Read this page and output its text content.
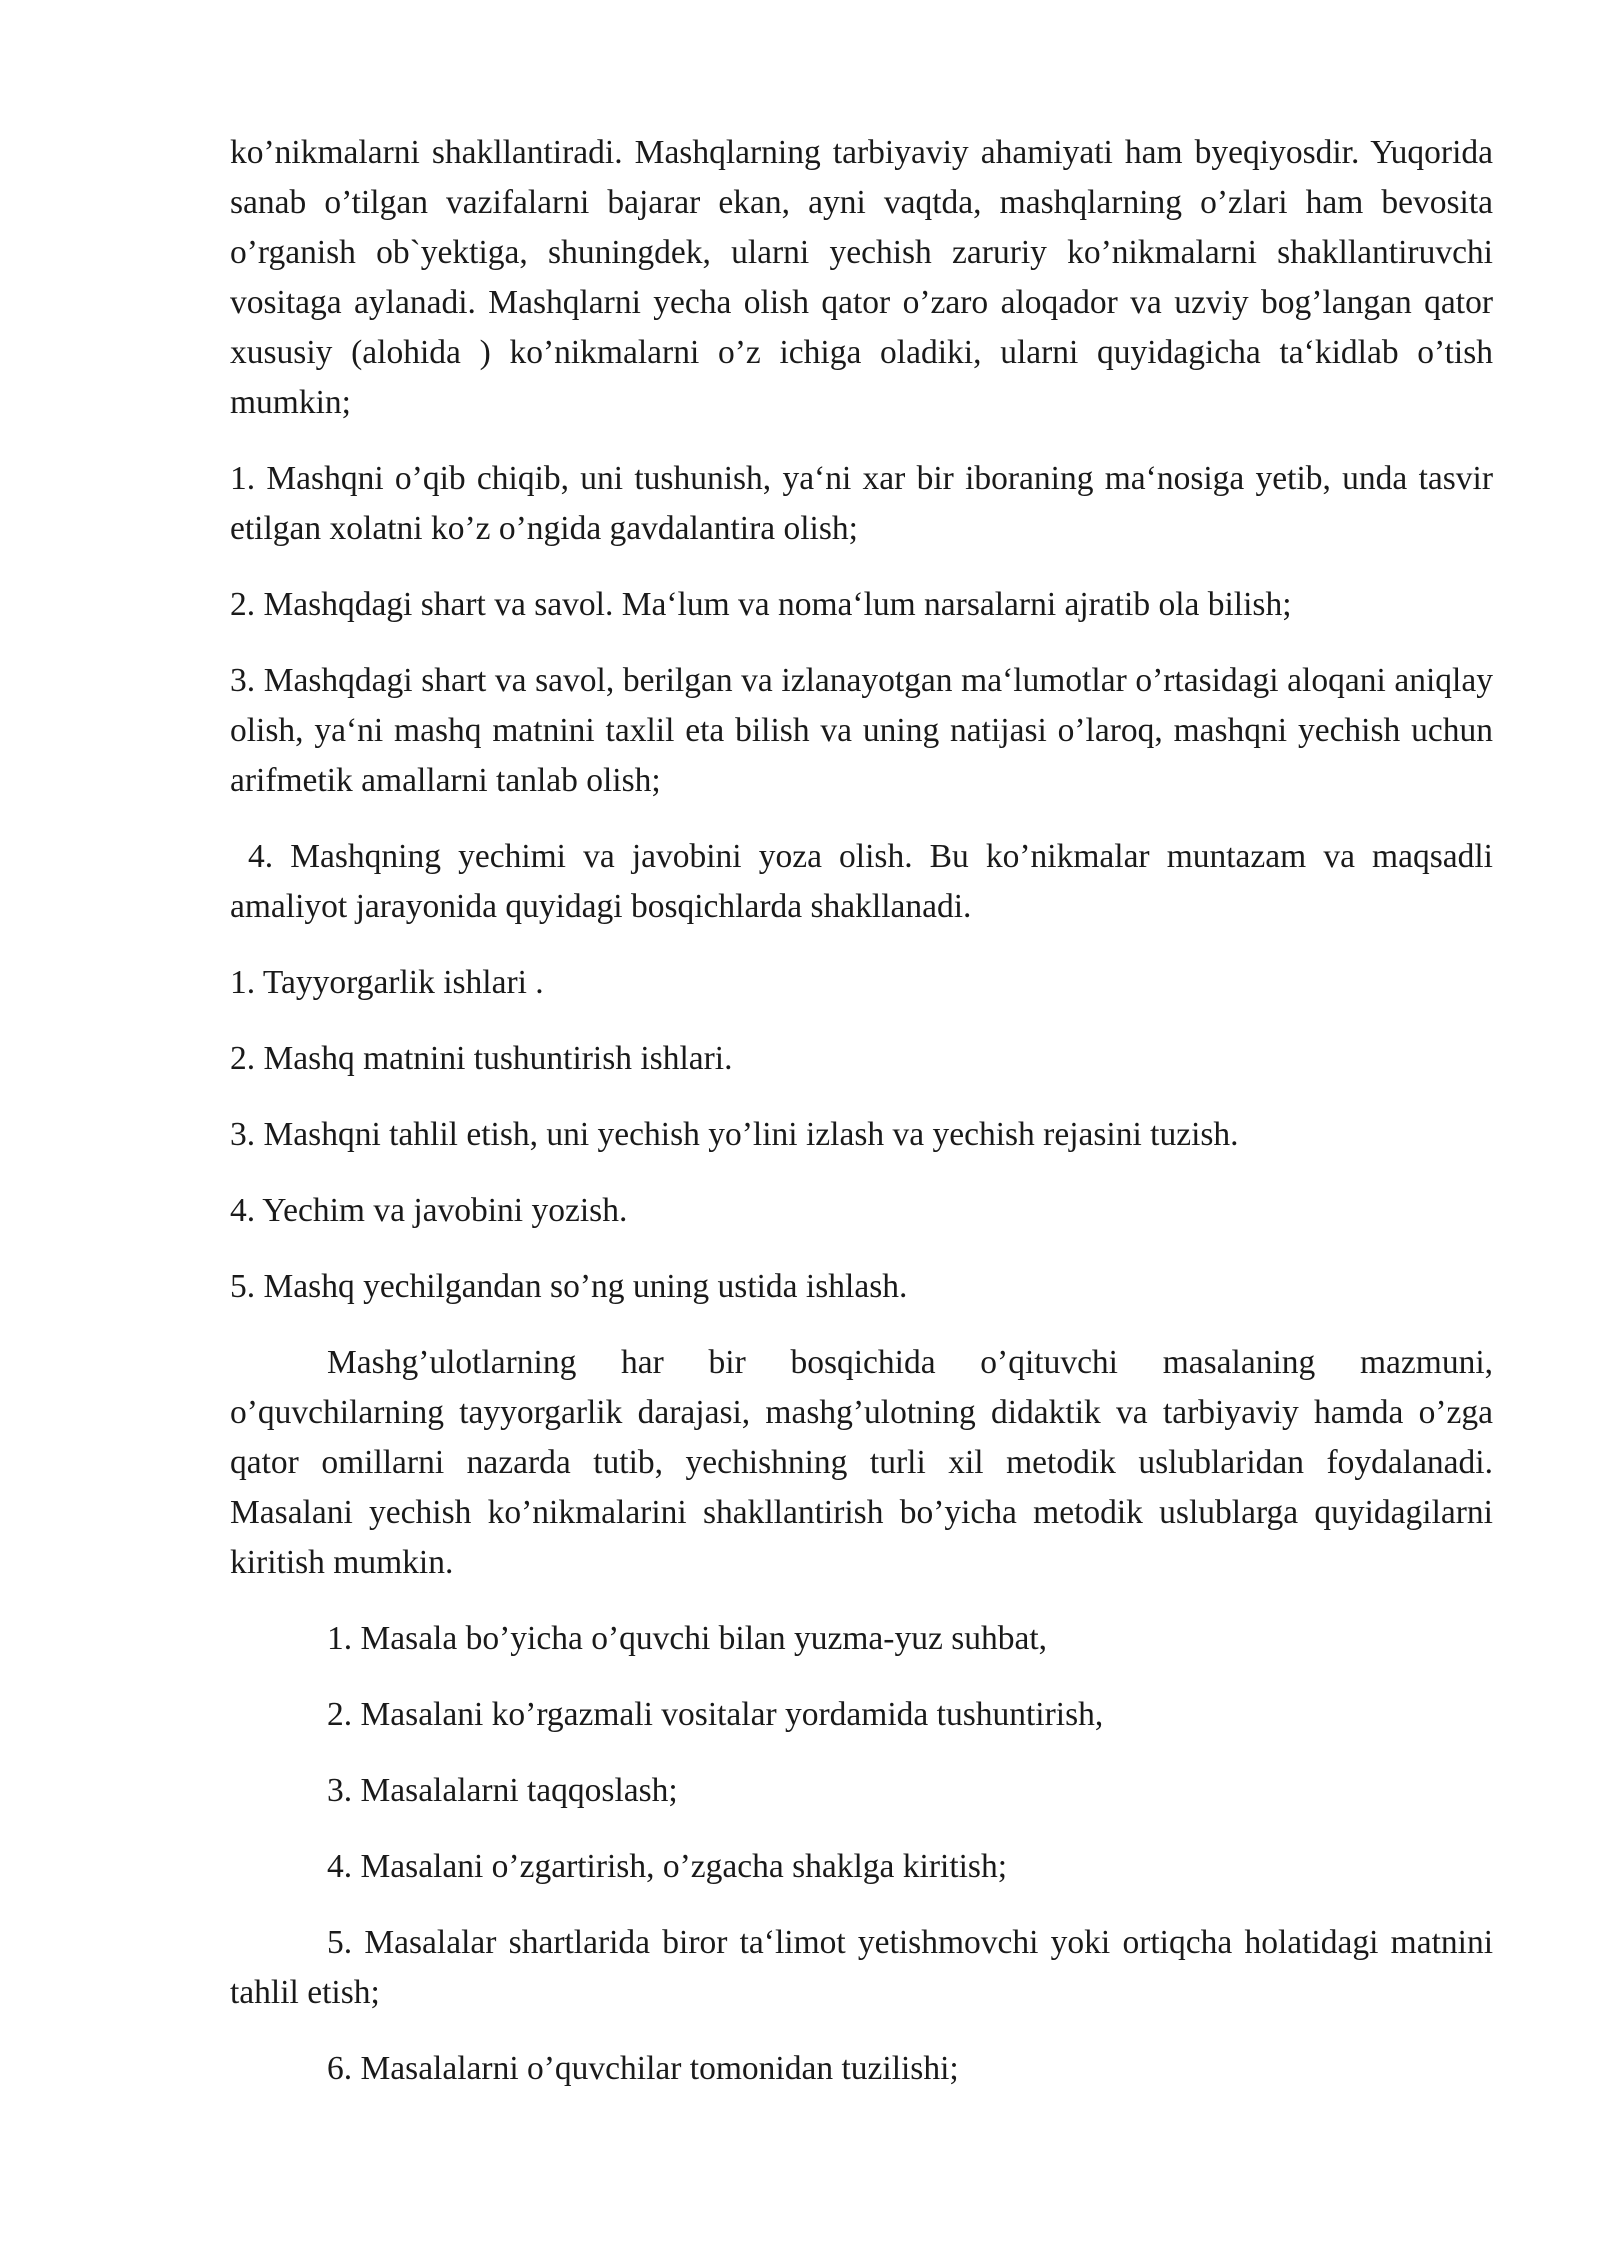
ko’nikmalarni shakllantiradi. Mashqlarning tarbiyaviy ahamiyati ham byeqiyosdir. Yuqorida sanab o’tilgan vazifalarni bajarar ekan, ayni vaqtda, mashqlarning o’zlari ham bevosita o’rganish ob`yektiga, shuningdek, ularni yechish zaruriy ko’nikmalarni shakllantiruvchi vositaga aylanadi. Mashqlarni yecha olish qator o’zaro aloqador va uzviy bog’langan qator xususiy (alohida ) ko’nikmalarni o’z ichiga oladiki, ularni quyidagicha ta‘kidlab o’tish mumkin;

1. Mashqni o’qib chiqib, uni tushunish, ya‘ni xar bir iboraning ma‘nosiga yetib, unda tasvir etilgan xolatni ko’z o’ngida gavdalantira olish;

2. Mashqdagi shart va savol. Ma‘lum va noma‘lum narsalarni ajratib ola bilish;

3. Mashqdagi shart va savol, berilgan va izlanayotgan ma‘lumotlar o’rtasidagi aloqani aniqlay olish, ya‘ni mashq matnini taxlil eta bilish va uning natijasi o’laroq, mashqni yechish uchun arifmetik amallarni tanlab olish;

4. Mashqning yechimi va javobini yoza olish. Bu ko’nikmalar muntazam va maqsadli amaliyot jarayonida quyidagi bosqichlarda shakllanadi.

1. Tayyorgarlik ishlari .

2. Mashq matnini tushuntirish ishlari.

3. Mashqni tahlil etish, uni yechish yo’lini izlash va yechish rejasini tuzish.

4. Yechim va javobini yozish.

5. Mashq yechilgandan so’ng uning ustida ishlash.

Mashg’ulotlarning har bir bosqichida o’qituvchi masalaning mazmuni, o’quvchilarning tayyorgarlik darajasi, mashg’ulotning didaktik va tarbiyaviy hamda o’zga qator omillarni nazarda tutib, yechishning turli xil metodik uslublaridan foydalanadi. Masalani yechish ko’nikmalarini shakllantirish bo’yicha metodik uslublarga quyidagilarni kiritish mumkin.

1. Masala bo’yicha o’quvchi bilan yuzma-yuz suhbat,

2. Masalani ko’rgazmali vositalar yordamida tushuntirish,

3. Masalalarni taqqoslash;

4. Masalani o’zgartirish, o’zgacha shaklga kiritish;

5. Masalalar shartlarida biror ta‘limot yetishmovchi yoki ortiqcha holatidagi matnini tahlil etish;

6. Masalalarni o’quvchilar tomonidan tuzilishi;
